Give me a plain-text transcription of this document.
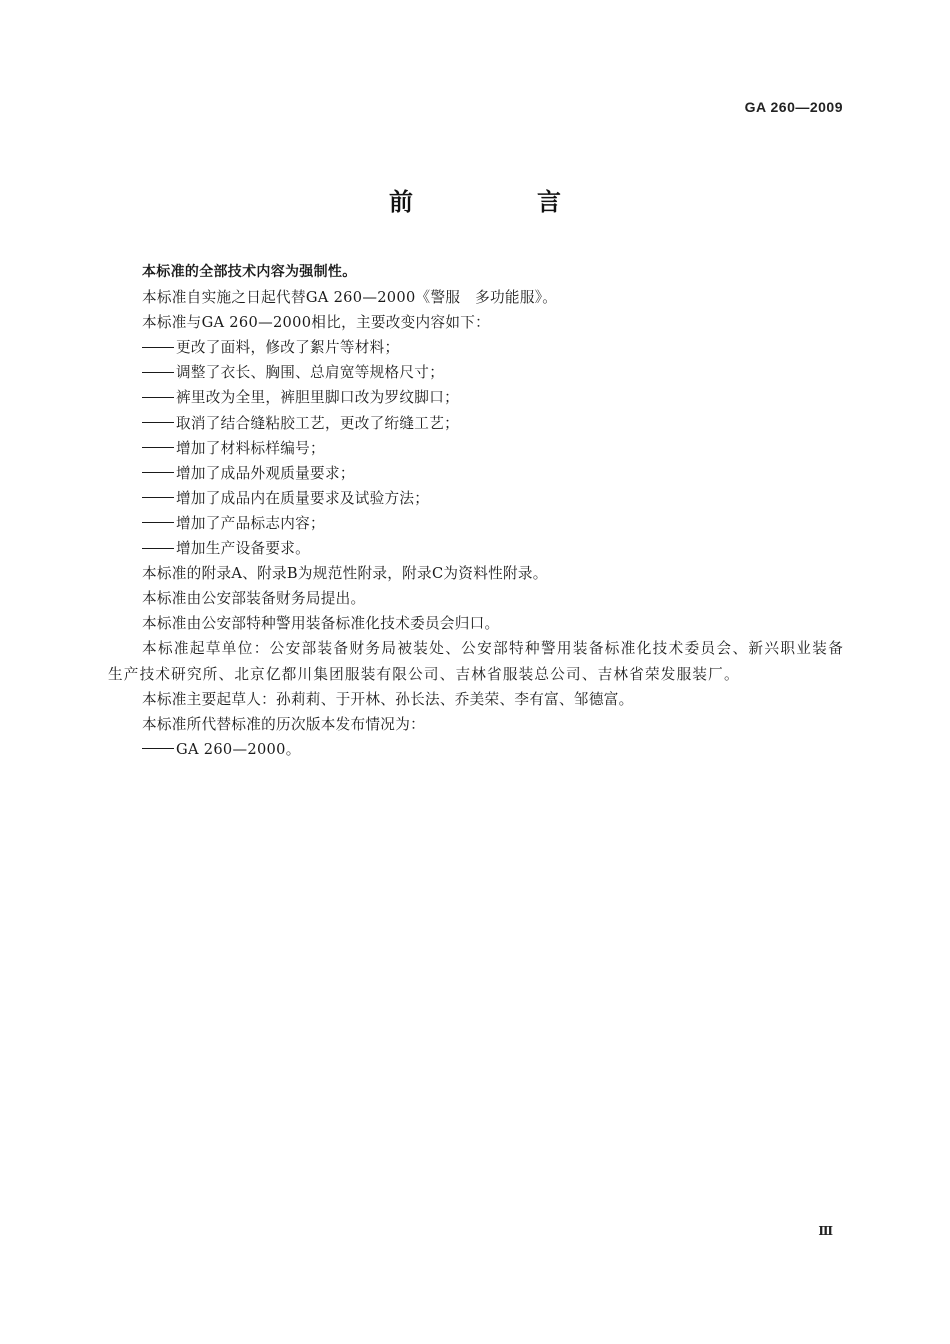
GA 260—2009
前　言

本标准的全部技术内容为强制性。

本标准自实施之日起代替GA 260—2000《警服　多功能服》。

本标准与GA 260—2000相比，主要改变内容如下：

更改了面料，修改了絮片等材料；

调整了衣长、胸围、总肩宽等规格尺寸；

裤里改为全里，裤胆里脚口改为罗纹脚口；

取消了结合缝粘胶工艺，更改了绗缝工艺；

增加了材料标样编号；

增加了成品外观质量要求；

增加了成品内在质量要求及试验方法；

增加了产品标志内容；

增加生产设备要求。

本标准的附录A、附录B为规范性附录，附录C为资料性附录。

本标准由公安部装备财务局提出。

本标准由公安部特种警用装备标准化技术委员会归口。

本标准起草单位：公安部装备财务局被装处、公安部特种警用装备标准化技术委员会、新兴职业装备生产技术研究所、北京亿都川集团服装有限公司、吉林省服装总公司、吉林省荣发服装厂。

本标准主要起草人：孙莉莉、于开林、孙长法、乔美荣、李有富、邹德富。

本标准所代替标准的历次版本发布情况为：

GA 260—2000。

Ⅲ
